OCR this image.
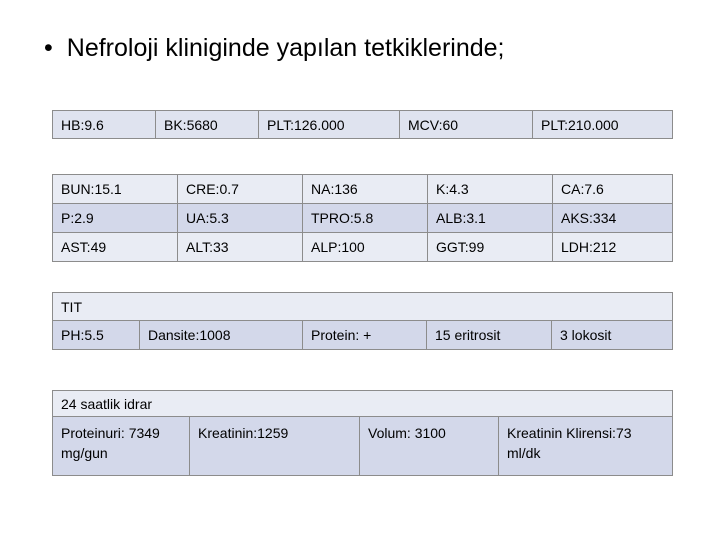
• Nefroloji kliniginde yapılan tetkiklerinde;
HB:9.6	BK:5680	PLT:126.000	MCV:60	PLT:210.000
BUN:15.1	CRE:0.7	NA:136	K:4.3	CA:7.6
P:2.9	UA:5.3	TPRO:5.8	ALB:3.1	AKS:334
AST:49	ALT:33	ALP:100	GGT:99	LDH:212
TIT
PH:5.5	Dansite:1008	Protein: +	15 eritrosit	3 lokosit
24 saatlik idrar
Proteinuri: 7349 mg/gun	Kreatinin:1259	Volum: 3100	Kreatinin Klirensi:73 ml/dk
